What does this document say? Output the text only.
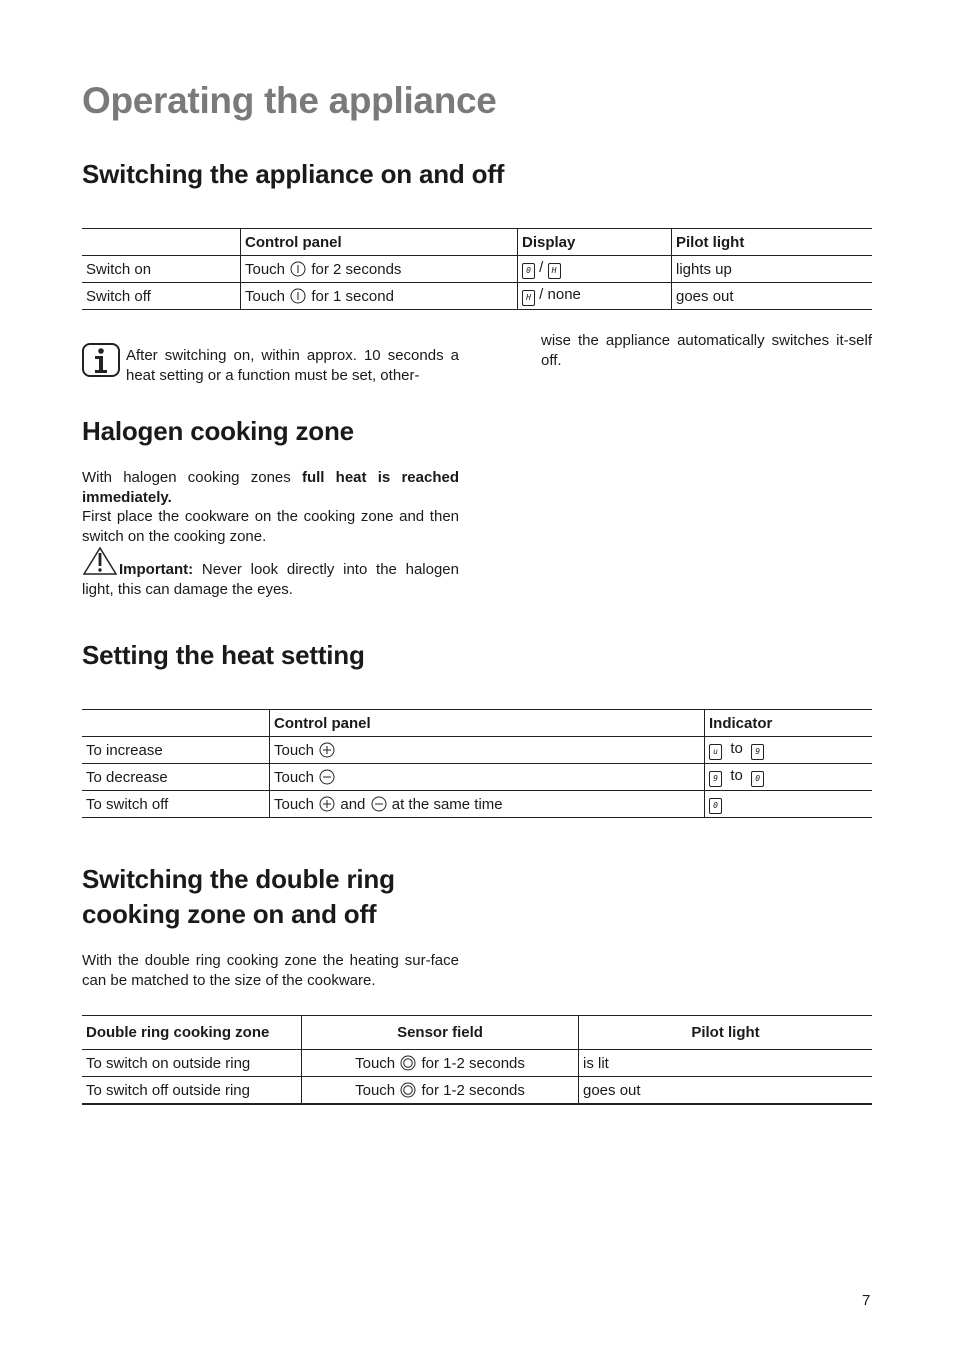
Operating the appliance
Switching the appliance on and off
	Control panel	Display	Pilot light
Switch on	Touch for 2 seconds	0 / H	lights up
Switch off	Touch for 1 second	H / none	goes out
After switching on, within approx. 10 seconds a heat setting or a function must be set, other-
wise the appliance automatically switches it-self off.
Halogen cooking zone

With halogen cooking zones full heat is reached immediately.

First place the cookware on the cooking zone and then switch on the cooking zone.

Important: Never look directly into the halogen light, this can damage the eyes.
Setting the heat setting
	Control panel	Indicator
To increase	Touch	u to 9
To decrease	Touch	9 to 0
To switch off	Touch and at the same time	0
Switching the double ring
cooking zone on and off
With the double ring cooking zone the heating sur-face can be matched to the size of the cookware.
Double ring cooking zone	Sensor field	Pilot light
To switch on outside ring	Touch for 1-2 seconds	is lit
To switch off outside ring	Touch for 1-2 seconds	goes out
7
